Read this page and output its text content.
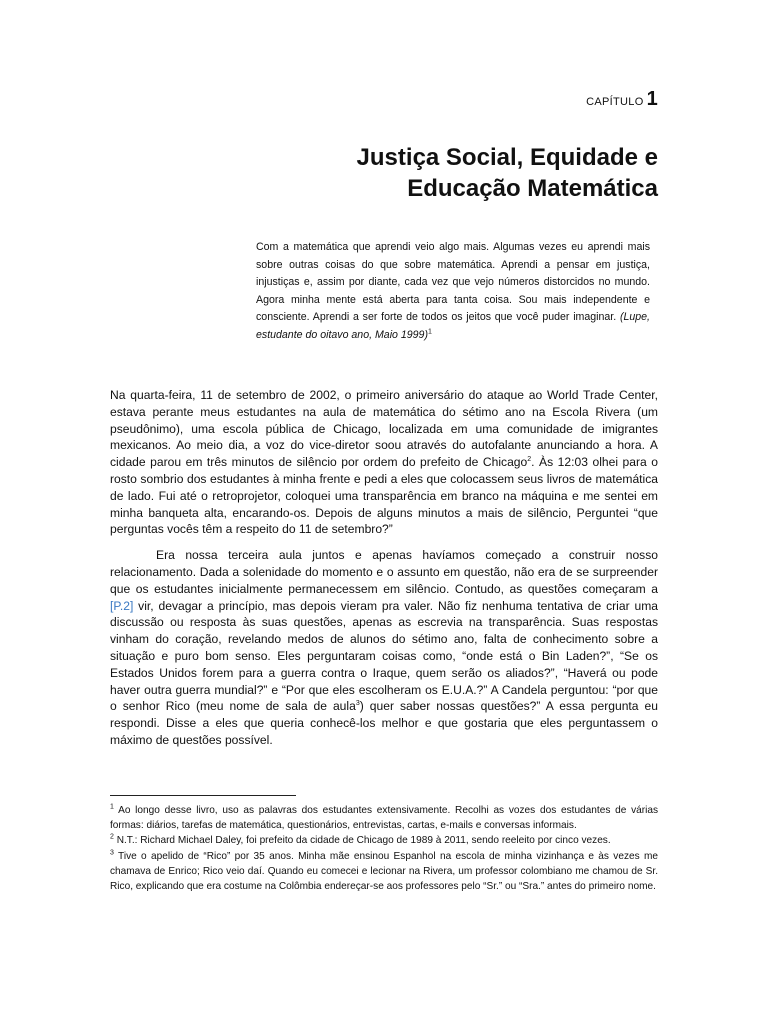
CAPÍTULO 1
Justiça Social, Equidade e
Educação Matemática
Com a matemática que aprendi veio algo mais. Algumas vezes eu aprendi mais sobre outras coisas do que sobre matemática. Aprendi a pensar em justiça, injustiças e, assim por diante, cada vez que vejo números distorcidos no mundo. Agora minha mente está aberta para tanta coisa. Sou mais independente e consciente. Aprendi a ser forte de todos os jeitos que você puder imaginar. (Lupe, estudante do oitavo ano, Maio 1999)$^1$

Na quarta-feira, 11 de setembro de 2002, o primeiro aniversário do ataque ao World Trade Center, estava perante meus estudantes na aula de matemática do sétimo ano na Escola Rivera (um pseudônimo), uma escola pública de Chicago, localizada em uma comunidade de imigrantes mexicanos. Ao meio dia, a voz do vice-diretor soou através do autofalante anunciando a hora. A cidade parou em três minutos de silêncio por ordem do prefeito de Chicago$^2$. Às 12:03 olhei para o rosto sombrio dos estudantes à minha frente e pedi a eles que colocassem seus livros de matemática de lado. Fui até o retroprojetor, coloquei uma transparência em branco na máquina e me sentei em minha banqueta alta, encarando-os. Depois de alguns minutos a mais de silêncio, Perguntei “que perguntas vocês têm a respeito do 11 de setembro?”

Era nossa terceira aula juntos e apenas havíamos começado a construir nosso relacionamento. Dada a solenidade do momento e o assunto em questão, não era de se surpreender que os estudantes inicialmente permanecessem em silêncio. Contudo, as questões começaram a [P.2] vir, devagar a princípio, mas depois vieram pra valer. Não fiz nenhuma tentativa de criar uma discussão ou resposta às suas questões, apenas as escrevia na transparência. Suas respostas vinham do coração, revelando medos de alunos do sétimo ano, falta de conhecimento sobre a situação e puro bom senso. Eles perguntaram coisas como, “onde está o Bin Laden?”, “Se os Estados Unidos forem para a guerra contra o Iraque, quem serão os aliados?”, “Haverá ou pode haver outra guerra mundial?” e “Por que eles escolheram os E.U.A.?” A Candela perguntou: “por que o senhor Rico (meu nome de sala de aula$^3$) quer saber nossas questões?” A essa pergunta eu respondi. Disse a eles que queria conhecê-los melhor e que gostaria que eles perguntassem o máximo de questões possível.

$^1$ Ao longo desse livro, uso as palavras dos estudantes extensivamente. Recolhi as vozes dos estudantes de várias formas: diários, tarefas de matemática, questionários, entrevistas, cartas, e-mails e conversas informais.

$^2$ N.T.: Richard Michael Daley, foi prefeito da cidade de Chicago de 1989 à 2011, sendo reeleito por cinco vezes.

$^3$ Tive o apelido de “Rico” por 35 anos. Minha mãe ensinou Espanhol na escola de minha vizinhança e às vezes me chamava de Enrico; Rico veio daí. Quando eu comecei e lecionar na Rivera, um professor colombiano me chamou de Sr. Rico, explicando que era costume na Colômbia endereçar-se aos professores pelo “Sr.” ou “Sra.” antes do primeiro nome.
